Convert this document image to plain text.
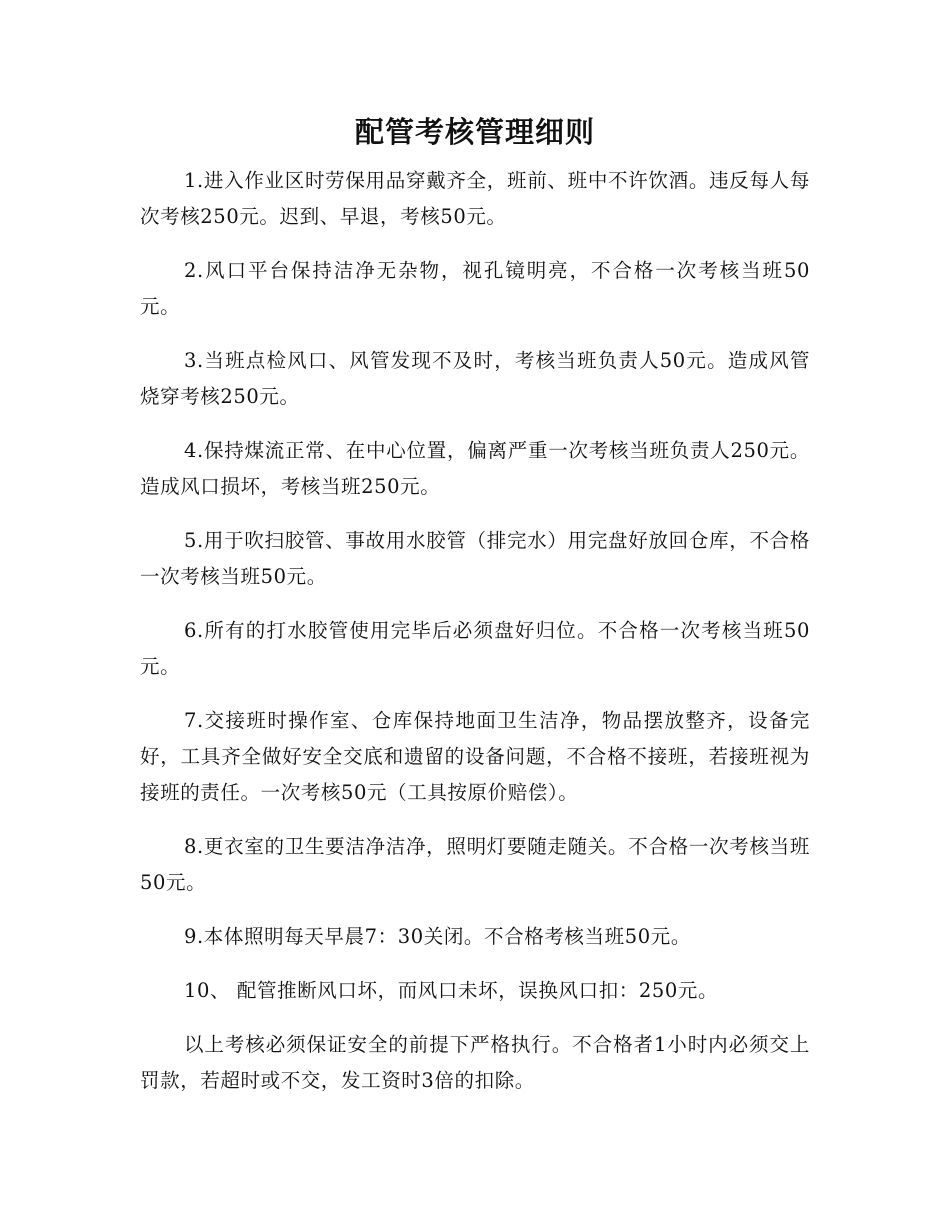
配管考核管理细则

1.进入作业区时劳保用品穿戴齐全，班前、班中不许饮酒。违反每人每次考核250元。迟到、早退，考核50元。

2.风口平台保持洁净无杂物，视孔镜明亮，不合格一次考核当班50元。

3.当班点检风口、风管发现不及时，考核当班负责人50元。造成风管烧穿考核250元。

4.保持煤流正常、在中心位置，偏离严重一次考核当班负责人250元。造成风口损坏，考核当班250元。

5.用于吹扫胶管、事故用水胶管（排完水）用完盘好放回仓库，不合格一次考核当班50元。

6.所有的打水胶管使用完毕后必须盘好归位。不合格一次考核当班50元。

7.交接班时操作室、仓库保持地面卫生洁净，物品摆放整齐，设备完好，工具齐全做好安全交底和遗留的设备问题，不合格不接班，若接班视为接班的责任。一次考核50元（工具按原价赔偿）。

8.更衣室的卫生要洁净洁净，照明灯要随走随关。不合格一次考核当班50元。

9.本体照明每天早晨7：30关闭。不合格考核当班50元。

10、 配管推断风口坏，而风口未坏，误换风口扣：250元。

以上考核必须保证安全的前提下严格执行。不合格者1小时内必须交上罚款，若超时或不交，发工资时3倍的扣除。
